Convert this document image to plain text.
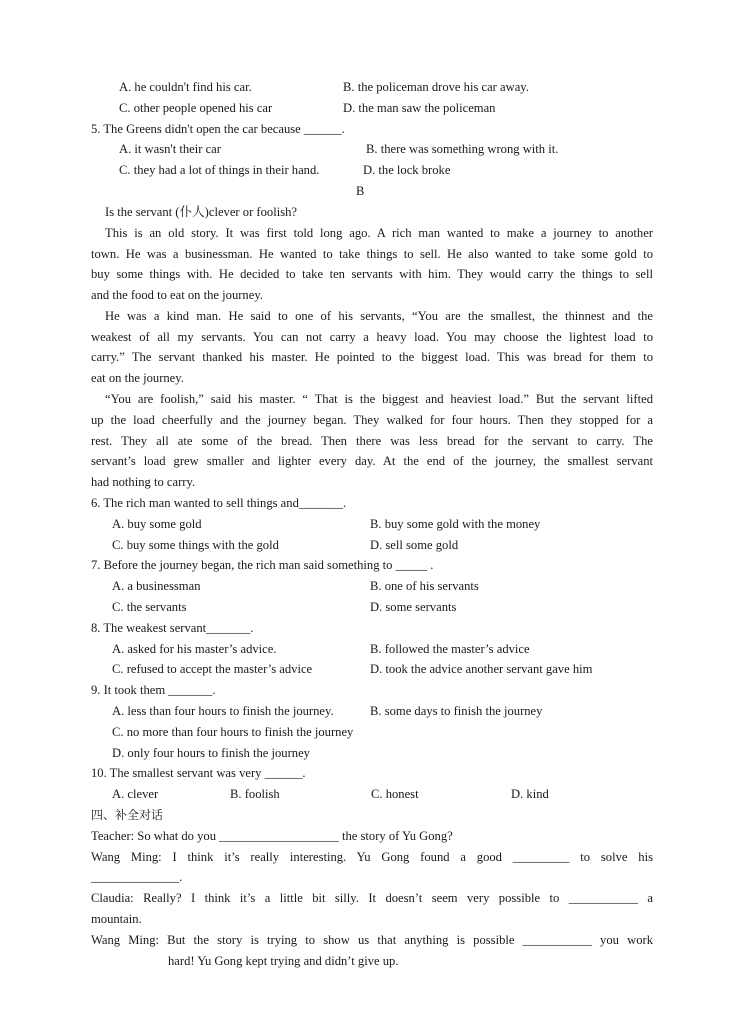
A. he couldn't find his car.	B. the policeman drove his car away.
C. other people opened his car	D. the man saw the policeman
5. The Greens didn't open the car because ______.
A. it wasn't their car	B. there was something wrong with it.
C. they had a lot of things in their hand.	D. the lock broke
B
Is the servant (仆人)clever or foolish?
This is an old story. It was first told long ago. A rich man wanted to make a journey to another
town. He was a businessman. He wanted to take things to sell. He also wanted to take some gold to
buy some things with. He decided to take ten servants with him. They would carry the things to sell
and the food to eat on the journey.
He was a kind man. He said to one of his servants, “You are the smallest, the thinnest and the
weakest of all my servants. You can not carry a heavy load. You may choose the lightest load to
carry.” The servant thanked his master. He pointed to the biggest load. This was bread for them to
eat on the journey.
“You are foolish,” said his master. “ That is the biggest and heaviest load.” But the servant lifted
up the load cheerfully and the journey began. They walked for four hours. Then they stopped for a
rest. They all ate some of the bread. Then there was less bread for the servant to carry. The
servant’s load grew smaller and lighter every day. At the end of the journey, the smallest servant
had nothing to carry.
6. The rich man wanted to sell things and_______.
A. buy some gold	B. buy some gold with the money
C. buy some things with the gold	D. sell some gold
7. Before the journey began, the rich man said something to _____ .
A. a businessman	B. one of his servants
C. the servants	D. some servants
8. The weakest servant_______.
A. asked for his master’s advice.	B. followed the master’s advice
C. refused to accept the master’s advice	D. took the advice another servant gave him
9. It took them _______.
A. less than four hours to finish the journey.	B. some days to finish the journey
C. no more than four hours to finish the journey
D. only four hours to finish the journey
10. The smallest servant was very ______.
A. clever	B. foolish	C. honest	D. kind
四、补全对话
Teacher: So what do you ___________________ the story of Yu Gong?
Wang Ming: I think it’s really interesting. Yu Gong found a good _________ to solve his
______________.
Claudia: Really? I think it’s a little bit silly. It doesn’t seem very possible to ___________ a
mountain.
Wang Ming: But the story is trying to show us that anything is possible ___________ you work
hard! Yu Gong kept trying and didn’t give up.
